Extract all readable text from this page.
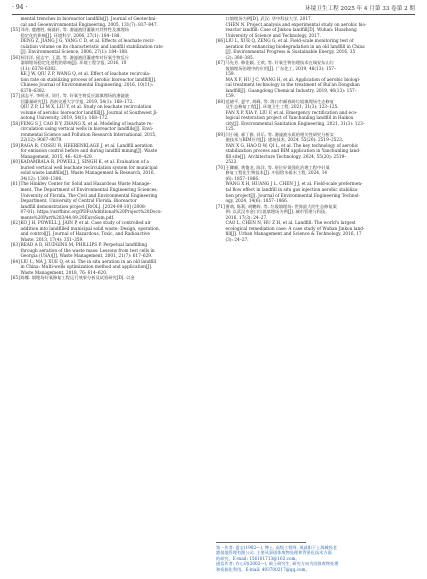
· 94 ·	环境卫生工程 2025 年 4 月第 33 卷第 2 期
mental trenches in bioreactor landfills[J]. Journal of Geotechni-
cal and Geoenvironmental Engineering, 2005, 131(7): 837–847.
[55] 邓舟, 鹿德胜, 杨浦轩, 等. 渗滤液回灌量对其特性及填埋场
稳定化的影响[J]. 环境科学, 2006, 27(1): 184–188.
DENG Z, JIANG J G, YANG C D, et al. Effects of leachate recir-
culation volume on its characteristic and landfill stabilization rate
[J]. Environmental Science, 2006, 27(1): 184–188.
[56] 柯洋洋, 邱志宇, 王翡, 等. 渗滤液回灌速率对好氧生物反应
器填埋场稳定化进程的影响[J]. 环境工程学报, 2016, 10
(11): 6378–6382.
KE J W, QIU Z P, WANG Q, et al. Effect of leachate recircula-
tion rate on stabilizing process of aerobic bioreactor landfill[J].
Chinese Journal of Environmental Engineering, 2016, 10(11):
6378–6382.
[57] 邱志平, 李明亚, 刘月, 等. 好氧生物反应器填埋场的渗滤液
回灌量研究[J]. 西南交通大学学报, 2019, 54(1): 168–172.
QIU Z P, LI M X, LIU Y, et al. Study on leachate recirculation
volume of aerobic bioreactor landfill[J]. Journal of Southwest Ji-
aotong University, 2019, 54(1): 168–172.
[58] FENG S J, CAO B Y, ZHANG X, et al. Modeling of leachate re-
circulation using vertical wells in bioreactor landfills[J]. Envi-
ronmental Science and Pollution Research International, 2015,
22(12): 9067–9079.
[59] RAGA R, COSSU R, HEERENKLAGE J, et al. Landfill aeration
for emission control before and during landfill mining[J]. Waste
Management, 2015, 46: 420–429.
[60] KADAMBALA R, POWELL J, SINGH K, et al. Evaluation of a
buried vertical well leachate recirculation system for municipal
solid waste landfills[J]. Waste Management & Research, 2016,
34(12): 1300–1306.
[61] The Hinkley Center for Solid and Hazardous Waste Manage-
ment, The Department of Environmental Engineering Sciences,
University of Florida, The Civil and Environmental Engineering
Department, University of Central Florida. Bioreactor
landfill demonstration project [R/OL]. [2024-09-10] (2008-
07-01). https://usrfhinc.org/PDFs/Additional%20Project%20Docu-
ments%20Part%203/44.09.20EuroSum.pdf.
[62] KO J H, POWELL J, JAIN P, et al. Case study of controlled air
addition into landfilled municipal solid waste: Design, operation,
and control[J]. Journal of Hazardous, Toxic, and Radioactive
Waste, 2013, 17(4): 351–359.
[63] READ A D, HUDGINS M, PHILLIPS P. Perpetual landfilling
through aeration of the waste mass: Lessons from test cells in
Georgia (USA)[J]. Waste Management, 2001, 21(7): 617–629.
[64] LIU L, MA J, XUE Q, et al. The in situ aeration in an old landfill
in China: Multi-wells optimization method and application[J].
Waste Management, 2018, 76: 614–620.
[65] 陈娜. 填埋场好氧修复工程运行效果分析及试验研究[D]. 以金
口填埋场为例[D]. 武汉: 华中科技大学, 2017.
CHEN N. Project analysis and experimental study on aerobic bio-
reactor landfill: Case of Jinkou landfill[D]. Wuhan: Huazhong
University of Science and Technology, 2017.
[66] LIU L, XUE Q, ZENG G, et al. Field-scale monitoring test of
aeration for enhancing biodegradation in an old landfill in China
[J]. Environmental Progress & Sustainable Energy, 2016, 35
(2): 380–385.
[67] 马先芳, 韩佳颖, 王欢, 等. 好氧生物治理技术在瑞安东山垃
圾填埋场治理中的应用[J]. 广东化工, 2019, 46(13): 157–
159.
MA X F, HU J C, WANG H, et al. Application of aerobic biologi-
cal treatment technology in the treatment of Rui'an Dongshan
landfill[J]. Guangdong Chemical Industry, 2019, 46(13): 157–
159.
[68] 范晓平, 夏宇, 胡峰, 等. 海口市颜春岭垃圾填埋场生态修复
及生态修复工程[J]. 环境卫生工程, 2021, 31(3): 123–125.
FAN X P, XIA Y, LIU F, et al. Emergency rectification and eco-
logical restoration project of Yanchunling landfill in Haikou
city[J]. Environmental Sanitation Engineering, 2021, 31(3): 123–
125.
[69] 闫小刚, 郝丁雅, 祥乐, 等. 渗滤液水质的相关性研究分析实
施技术与BIM应用[J]. 建筑技术, 2024, 55(20): 2519–2523.
YAN X G, HAO D W, QI L, et al. The key technology of aerobic
stabilization process and BIM application in Yanchunling land-
fill site[J]. Architecture Technology, 2024, 55(20): 2519–
2523.
[70] 王卿颜, 黄俊龙, 陈洋, 等. 原位好氧强化治理工程中好氧
修复工程化生物技术[J]. 中国给水排水工程, 2024, 14
(6): 1857–1866.
WANG X H, HUANG J L, CHEN J J, et al. Field-scale prefermen-
tal flow effect in landfill in situ gas injection aerobic stabiliza-
tion project[J]. Journal of Environmental Engineering Technol-
ogy, 2024, 14(6): 1857–1866.
[71] 曹萌, 陈莉, 胡鹏辉, 等. 垃圾填埋场: 世界最大的生态修复案
例: 以武汉市金口垃圾填埋场为例[J]. 城市管理与科技,
2016, 17(3): 24–27.
CAO L, CHEN N, HU Z H, et al. Landfill: The world's largest
ecological remediation case: A case study of Wuhan Jinkou land-
fill[J]. Urban Management and Science & Technology, 2016, 17
(3): 24–27.
第一作者: 夏宝(1982—), 博士, 高级工程师, 现就职于上海城投老
港基地管理有限公司, 主要从事固体废物处理和背景化技术方面
的研究。E-mail: 156181713@163.com。
通信作者: 许心玥(2002—), 硕士研究生, 研究方向为固体废物处理
和资源化利用。E-mail: 493700217@qq.com。
